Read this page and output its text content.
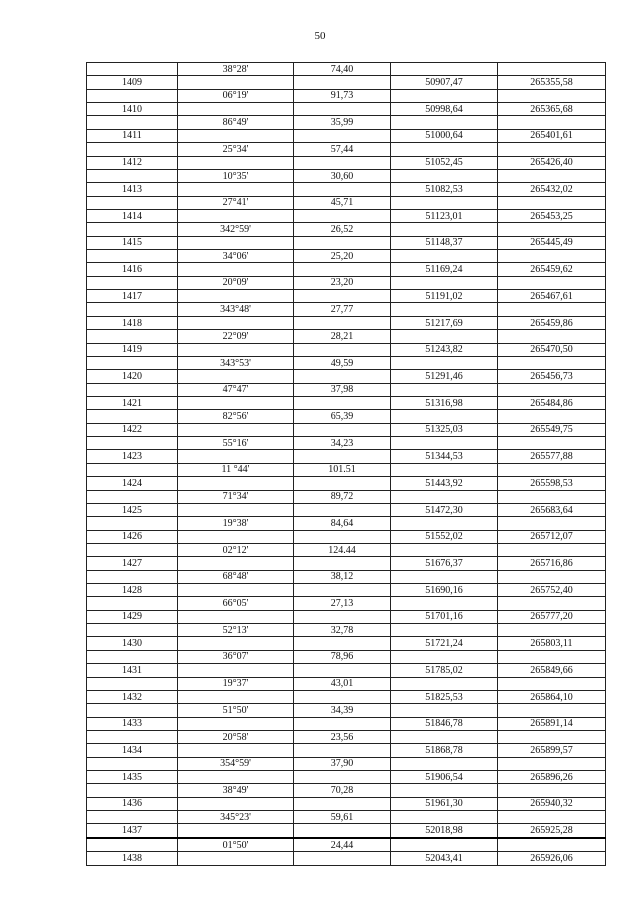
50
	38°28'	74,40		
1409			50907,47	265355,58
	06°19'	91,73		
1410			50998,64	265365,68
	86°49'	35,99		
1411			51000,64	265401,61
	25°34'	57,44		
1412			51052,45	265426,40
	10°35'	30,60		
1413			51082,53	265432,02
	27°41'	45,71		
1414			51123,01	265453,25
	342°59'	26,52		
1415			51148,37	265445,49
	34°06'	25,20		
1416			51169,24	265459,62
	20°09'	23,20		
1417			51191,02	265467,61
	343°48'	27,77		
1418			51217,69	265459,86
	22°09'	28,21		
1419			51243,82	265470,50
	343°53'	49,59		
1420			51291,46	265456,73
	47°47'	37,98		
1421			51316,98	265484,86
	82°56'	65,39		
1422			51325,03	265549,75
	55°16'	34,23		
1423			51344,53	265577,88
	11 °44'	101.51		
1424			51443,92	265598,53
	71°34'	89,72		
1425			51472,30	265683,64
	19°38'	84,64		
1426			51552,02	265712,07
	02°12'	124.44		
1427			51676,37	265716,86
	68°48'	38,12		
1428			51690,16	265752,40
	66°05'	27,13		
1429			51701,16	265777,20
	52°13'	32,78		
1430			51721,24	265803,11
	36°07'	78,96		
1431			51785,02	265849,66
	19°37'	43,01		
1432			51825,53	265864,10
	51°50'	34,39		
1433			51846,78	265891,14
	20°58'	23,56		
1434			51868,78	265899,57
	354°59'	37,90		
1435			51906,54	265896,26
	38°49'	70,28		
1436			51961,30	265940,32
	345°23'	59,61		
1437			52018,98	265925,28
	01°50'	24,44		
1438			52043,41	265926,06
